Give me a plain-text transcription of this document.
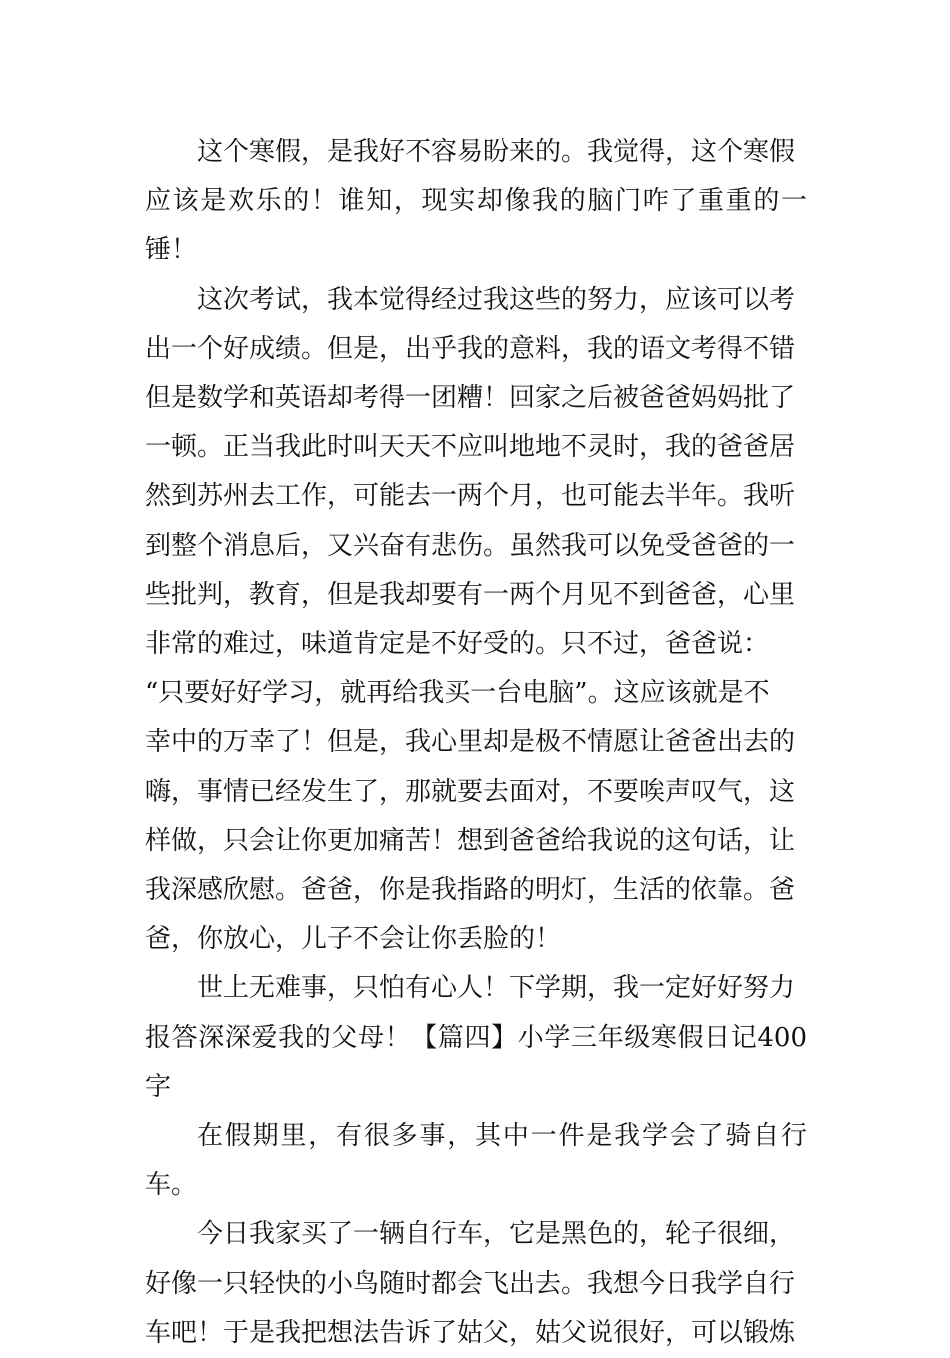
这个寒假，是我好不容易盼来的。我觉得，这个寒假
应该是欢乐的！谁知，现实却像我的脑门咋了重重的一锤！

这次考试，我本觉得经过我这些的努力，应该可以考
出一个好成绩。但是，出乎我的意料，我的语文考得不错
但是数学和英语却考得一团糟！回家之后被爸爸妈妈批了
一顿。正当我此时叫天天不应叫地地不灵时，我的爸爸居
然到苏州去工作，可能去一两个月，也可能去半年。我听
到整个消息后，又兴奋有悲伤。虽然我可以免受爸爸的一
些批判，教育，但是我却要有一两个月见不到爸爸，心里
非常的难过，味道肯定是不好受的。只不过，爸爸说：
“只要好好学习，就再给我买一台电脑”。这应该就是不
幸中的万幸了！但是，我心里却是极不情愿让爸爸出去的
嗨，事情已经发生了，那就要去面对，不要唉声叹气，这
样做，只会让你更加痛苦！想到爸爸给我说的这句话，让
我深感欣慰。爸爸，你是我指路的明灯，生活的依靠。爸
爸，你放心，儿子不会让你丢脸的！

世上无难事，只怕有心人！下学期，我一定好好努力
报答深深爱我的父母！【篇四】小学三年级寒假日记400字

在假期里，有很多事，其中一件是我学会了骑自行车。

今日我家买了一辆自行车，它是黑色的，轮子很细，
好像一只轻快的小鸟随时都会飞出去。我想今日我学自行
车吧！于是我把想法告诉了姑父，姑父说很好，可以锻炼
